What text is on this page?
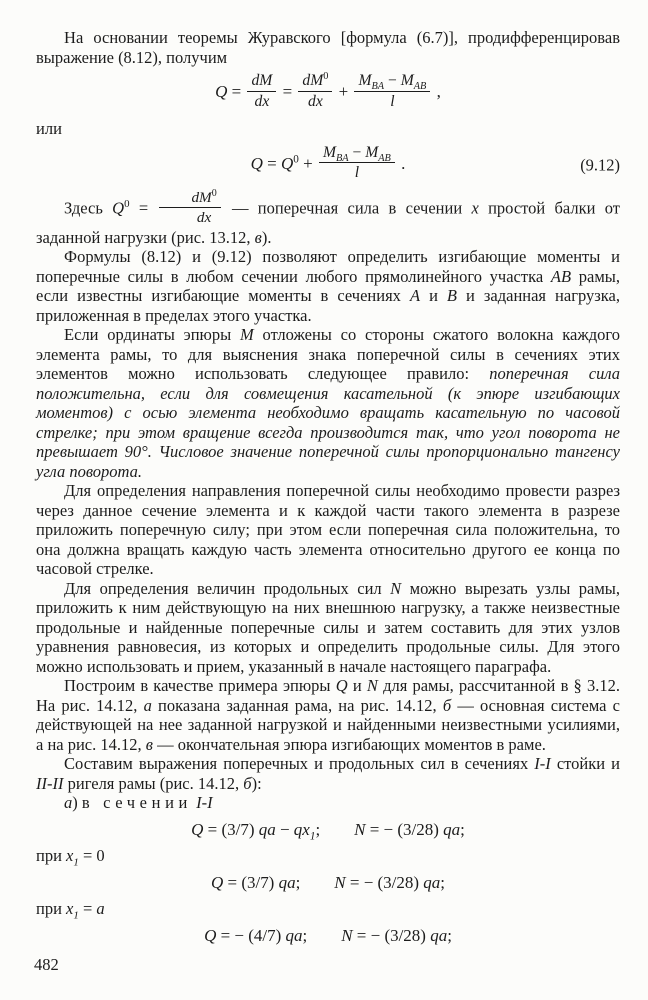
На основании теоремы Журавского [формула (6.7)], продифференцировав выражение (8.12), получим
$Q = \frac{dM}{dx} = \frac{dM^0}{dx} + \frac{M_{BA} - M_{AB}}{l}$ ,
или
$Q = Q^0 + \frac{M_{BA} - M_{AB}}{l}$ .	(9.12)
Здесь $Q^0 = \frac{dM^0}{dx}$ — поперечная сила в сечении x простой балки от заданной нагрузки (рис. 13.12, в).
Формулы (8.12) и (9.12) позволяют определить изгибающие моменты и поперечные силы в любом сечении любого прямолинейного участка AB рамы, если известны изгибающие моменты в сечениях A и B и заданная нагрузка, приложенная в пределах этого участка.
Если ординаты эпюры M отложены со стороны сжатого волокна каждого элемента рамы, то для выяснения знака поперечной силы в сечениях этих элементов можно использовать следующее правило: поперечная сила положительна, если для совмещения касательной (к эпюре изгибающих моментов) с осью элемента необходимо вращать касательную по часовой стрелке; при этом вращение всегда производится так, что угол поворота не превышает 90°. Числовое значение поперечной силы пропорционально тангенсу угла поворота.
Для определения направления поперечной силы необходимо провести разрез через данное сечение элемента и к каждой части такого элемента в разрезе приложить поперечную силу; при этом если поперечная сила положительна, то она должна вращать каждую часть элемента относительно другого ее конца по часовой стрелке.
Для определения величин продольных сил N можно вырезать узлы рамы, приложить к ним действующую на них внешнюю нагрузку, а также неизвестные продольные и найденные поперечные силы и затем составить для этих узлов уравнения равновесия, из которых и определить продольные силы. Для этого можно использовать и прием, указанный в начале настоящего параграфа.
Построим в качестве примера эпюры Q и N для рамы, рассчитанной в § 3.12. На рис. 14.12, а показана заданная рама, на рис. 14.12, б — основная система с действующей на нее заданной нагрузкой и найденными неизвестными усилиями, а на рис. 14.12, в — окончательная эпюра изгибающих моментов в раме.
Составим выражения поперечных и продольных сил в сечениях I-I стойки и II-II ригеля рамы (рис. 14.12, б):
а) в сечении I-I
Q = (3/7) qa − $qx_1$;  N = − (3/28) qa;
при $x_1 = 0$
Q = (3/7) qa;  N = − (3/28) qa;
при $x_1 = a$
Q = − (4/7) qa;  N = − (3/28) qa;
482
